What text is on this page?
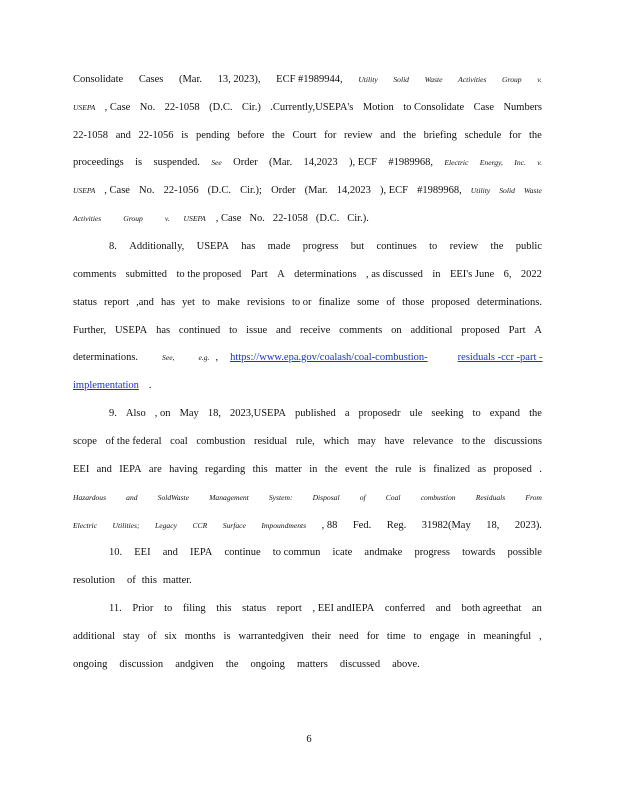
Consolidate Cases (Mar. 13, 2023), ECF #1989944, Utility Solid Waste Activities Group v.
USEPA , Case No. 22-1058 (D.C. Cir.) .Currently,USEPA's Motion to Consolidate Case Numbers
22-1058 and 22-1056 is pending before the Court for review and the briefing schedule for the
proceedings is suspended. See Order (Mar. 14,2023 ), ECF #1989968, Electric Energy, Inc. v.
USEPA , Case No. 22-1056 (D.C. Cir.); Order (Mar. 14,2023 ), ECF #1989968, Utility Solid Waste
Activities	Group	v. USEPA , Case No. 22-1058 (D.C. Cir.).
8. Additionally, USEPA has made progress but continues to review the public
comments submitted to the proposed Part A determinations , as discussed in EEI's June 6, 2022
status report ,and has yet to make revisions to or finalize some of those proposed determinations.
Further, USEPA has continued to issue and receive comments on additional proposed Part A
determinations.	See,	e.g. , https://www.epa.gov/coalash/coal-combustion-	residuals -ccr -part -
implementation .
9. Also , on May 18, 2023,USEPA published a proposedr ule seeking to expand the
scope of the federal coal combustion residual rule, which may have relevance to the discussions
EEI and IEPA are having regarding this matter in the event the rule is finalized as proposed .
Hazardous	and	SoldWaste	Management	System:	Disposal	of	Coal	combustion	Residuals	From
Electric Utilities; Legacy CCR Surface Impoundments , 88 Fed. Reg. 31982(May 18, 2023).
10. EEI and IEPA continue to commun icate andmake progress towards possible
resolution of this matter.
11. Prior to filing this status report , EEI andIEPA conferred and both agreethat an
additional stay of six months is warrantedgiven their need for time to engage in meaningful ,
ongoing discussion andgiven the ongoing matters discussed above.
6
